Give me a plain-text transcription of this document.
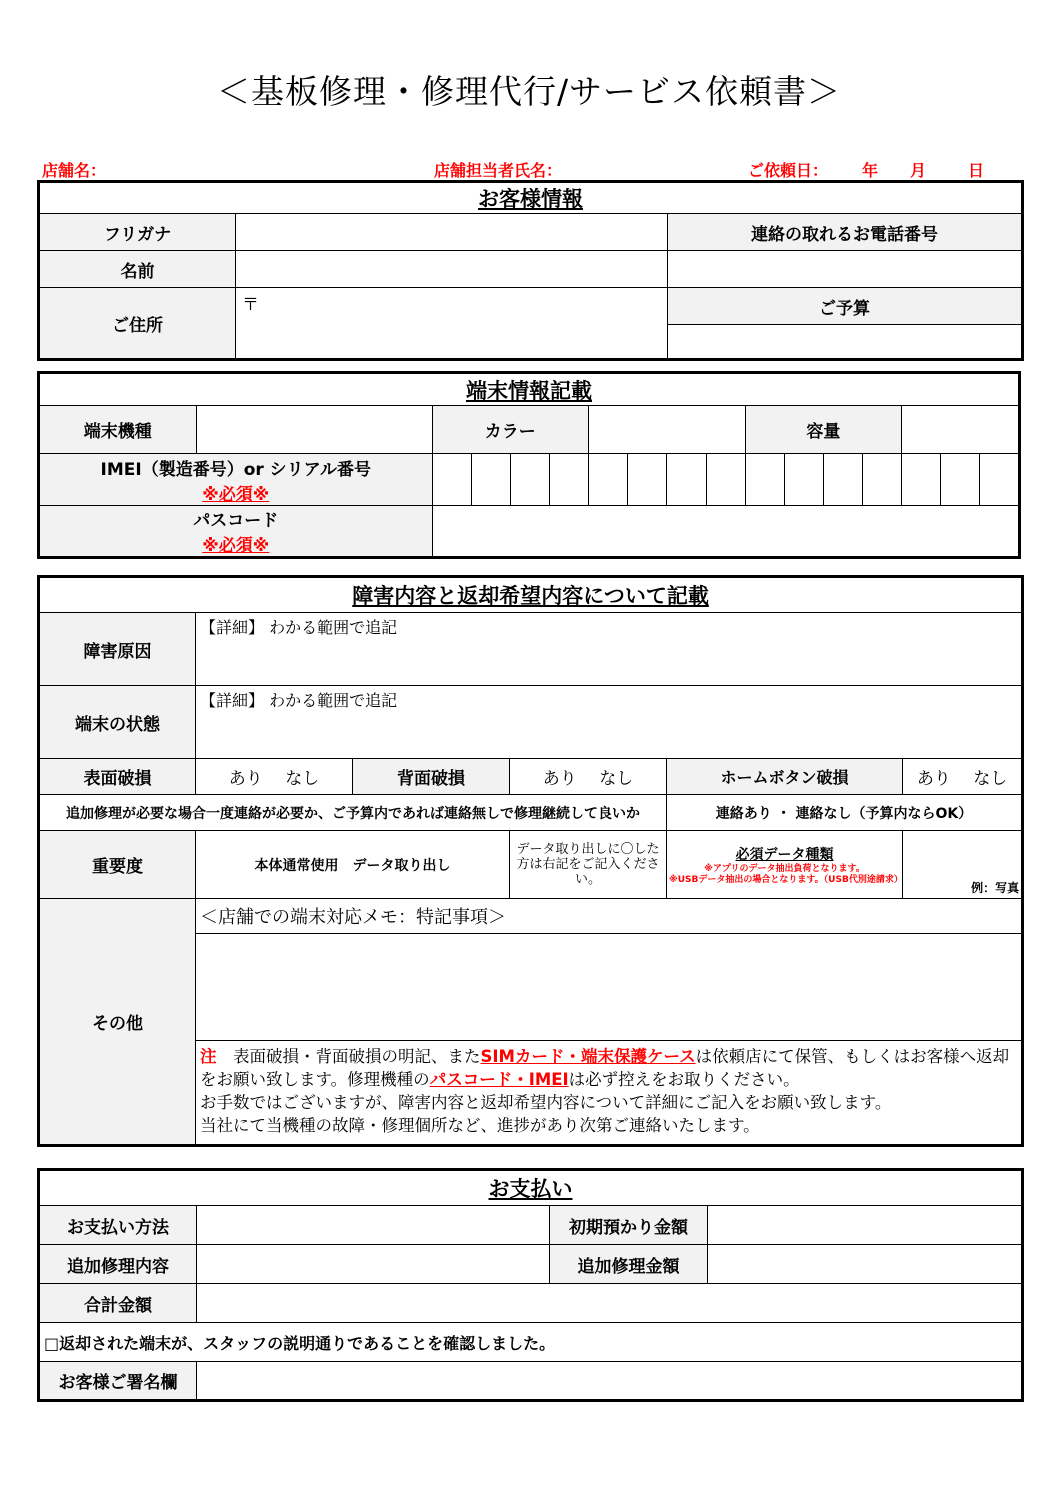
＜基板修理・修理代行/サービス依頼書＞
店舗名：	店舗担当者氏名：	ご依頼日： 年 月	日
お客様情報		
フリガナ		連絡の取れるお電話番号
名前		
ご住所	〒	ご予算

端末情報記載																
端末機種		カラー								容量						

IMEI（製造番号）or シリアル番号
※必須※																

パスコード
※必須※																

障害内容と返却希望内容について記載					
障害原因	【詳細】 わかる範囲で追記				
端末の状態	【詳細】 わかる範囲で追記				
表面破損	あり　 なし	背面破損	あり　 なし	ホームボタン破損	あり　 なし
追加修理が必要な場合一度連絡が必要か、ご予算内であれば連絡無しで修理継続して良いか				連絡あり ・ 連絡なし（予算内ならOK）	
重要度	本体通常使用　データ取り出し		データ取り出しに〇した方は右記をご記入ください。	必須データ種類
※アプリのデータ抽出負荷となります。
※USBデータ抽出の場合となります。（USB代別途請求）	例：写真
その他	＜店舗での端末対応メモ：特記事項＞				

	注　表面破損・背面破損の明記、またSIMカード・端末保護ケースは依頼店にて保管、もしくはお客様へ返却をお願い致します。修理機種のパスコード・IMEIは必ず控えをお取りください。
お手数ではございますが、障害内容と返却希望内容について詳細にご記入をお願い致します。
当社にて当機種の故障・修理個所など、進捗があり次第ご連絡いたします。				
お支払い			
お支払い方法		初期預かり金額	
追加修理内容		追加修理金額	
合計金額			
□返却された端末が、スタッフの説明通りであることを確認しました。			
お客様ご署名欄			
